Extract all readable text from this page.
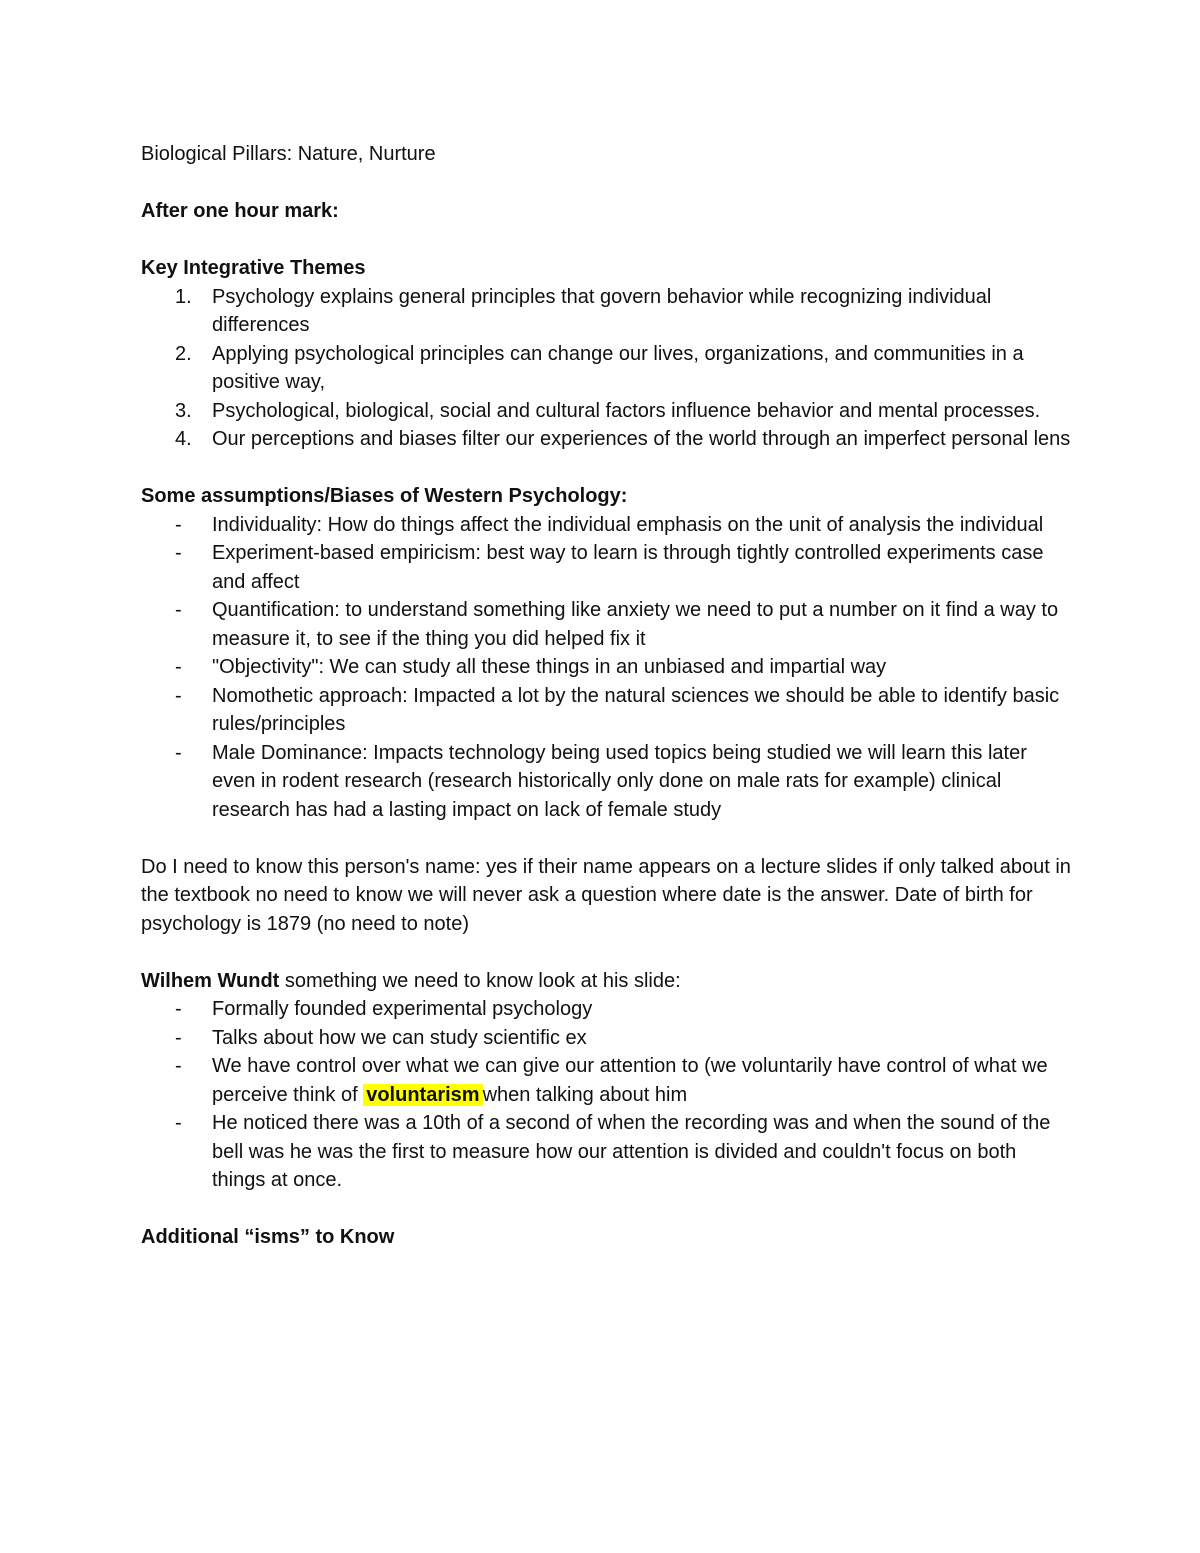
Biological Pillars: Nature, Nurture

After one hour mark:

Key Integrative Themes

1. Psychology explains general principles that govern behavior while recognizing individual differences

2. Applying psychological principles can change our lives, organizations, and communities in a positive way,

3. Psychological, biological, social and cultural factors influence behavior and mental processes.

4. Our perceptions and biases filter our experiences of the world through an imperfect personal lens

Some assumptions/Biases of Western Psychology:

- Individuality: How do things affect the individual emphasis on the unit of analysis the individual

- Experiment-based empiricism: best way to learn is through tightly controlled experiments case and affect

- Quantification: to understand something like anxiety we need to put a number on it find a way to measure it, to see if the thing you did helped fix it

- "Objectivity": We can study all these things in an unbiased and impartial way

- Nomothetic approach: Impacted a lot by the natural sciences we should be able to identify basic rules/principles

- Male Dominance: Impacts technology being used topics being studied we will learn this later even in rodent research (research historically only done on male rats for example) clinical research has had a lasting impact on lack of female study

Do I need to know this person's name: yes if their name appears on a lecture slides if only talked about in the textbook no need to know we will never ask a question where date is the answer. Date of birth for psychology is 1879 (no need to note)

Wilhem Wundt something we need to know look at his slide:

- Formally founded experimental psychology

- Talks about how we can study scientific ex

- We have control over what we can give our attention to (we voluntarily have control of what we perceive think of voluntarism when talking about him

- He noticed there was a 10th of a second of when the recording was and when the sound of the bell was he was the first to measure how our attention is divided and couldn't focus on both things at once.

Additional “isms” to Know
